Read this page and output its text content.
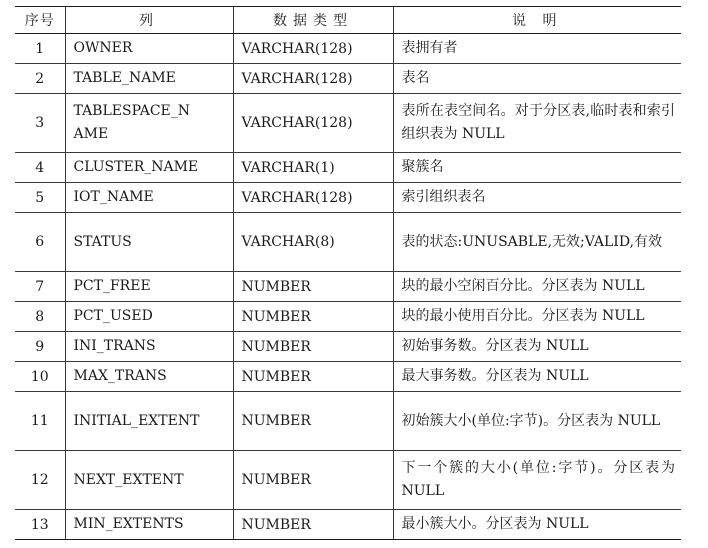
序号	列	数据类型	说 明
1	OWNER	VARCHAR(128)	表拥有者
2	TABLE_NAME	VARCHAR(128)	表名
3	TABLESPACE_NAME	VARCHAR(128)	表所在表空间名。对于分区表,临时表和索引组织表为 NULL
4	CLUSTER_NAME	VARCHAR(1)	聚簇名
5	IOT_NAME	VARCHAR(128)	索引组织表名
6	STATUS	VARCHAR(8)	表的状态:UNUSABLE,无效;VALID,有效
7	PCT_FREE	NUMBER	块的最小空闲百分比。分区表为 NULL
8	PCT_USED	NUMBER	块的最小使用百分比。分区表为 NULL
9	INI_TRANS	NUMBER	初始事务数。分区表为 NULL
10	MAX_TRANS	NUMBER	最大事务数。分区表为 NULL
11	INITIAL_EXTENT	NUMBER	初始簇大小(单位:字节)。分区表为 NULL
12	NEXT_EXTENT	NUMBER	下一个簇的大小(单位:字节)。分区表为 NULL
13	MIN_EXTENTS	NUMBER	最小簇大小。分区表为 NULL
